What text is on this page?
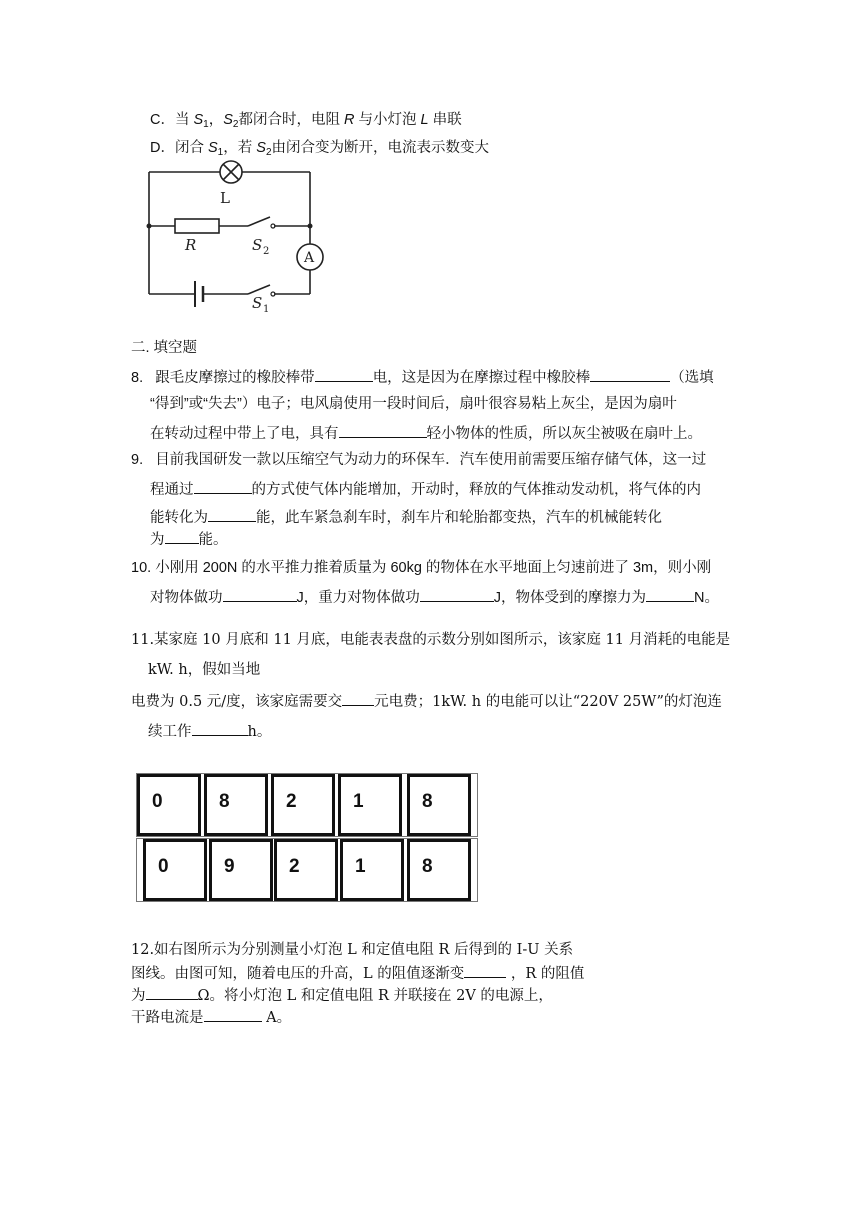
C．当 $S_1$，$S_2$都闭合时，电阻 R 与小灯泡 L 串联
D．闭合 $S_1$，若 $S_2$由闭合变为断开，电流表示数变大
L
R	S 2 A
S 1
二. 填空题
8. 跟毛皮摩擦过的橡胶棒带	电，这是因为在摩擦过程中橡胶棒	（选填
“得到”或“失去”）电子；电风扇使用一段时间后，扇叶很容易粘上灰尘，是因为扇叶
在转动过程中带上了电，具有	轻小物体的性质，所以灰尘被吸在扇叶上。
9. 目前我国研发一款以压缩空气为动力的环保车．汽车使用前需要压缩存储气体，这一过
程通过	的方式使气体内能增加，开动时，释放的气体推动发动机，将气体的内
能转化为	能，此车紧急刹车时，刹车片和轮胎都变热，汽车的机械能转化
为 能。
10. 小刚用 200N 的水平推力推着质量为 60kg 的物体在水平地面上匀速前进了 3m，则小刚
对物体做功	J，重力对物体做功	J，物体受到的摩擦力为	N。
11.某家庭 10 月底和 11 月底，电能表表盘的示数分别如图所示，该家庭 11 月消耗的电能是
kW. h，假如当地
电费为 0.5 元/度，该家庭需要交 元电费；1kW. h 的电能可以让“220V 25W”的灯泡连
续工作	h。
0	8	2	1	8
0	9	2	1	8
12.如右图所示为分别测量小灯泡 L 和定值电阻 R 后得到的 I-U 关系
图线。由图可知，随着电压的升高，L 的阻值逐渐变	，R 的阻值
为	Ω。将小灯泡 L 和定值电阻 R 并联接在 2V 的电源上，
干路电流是	A。
